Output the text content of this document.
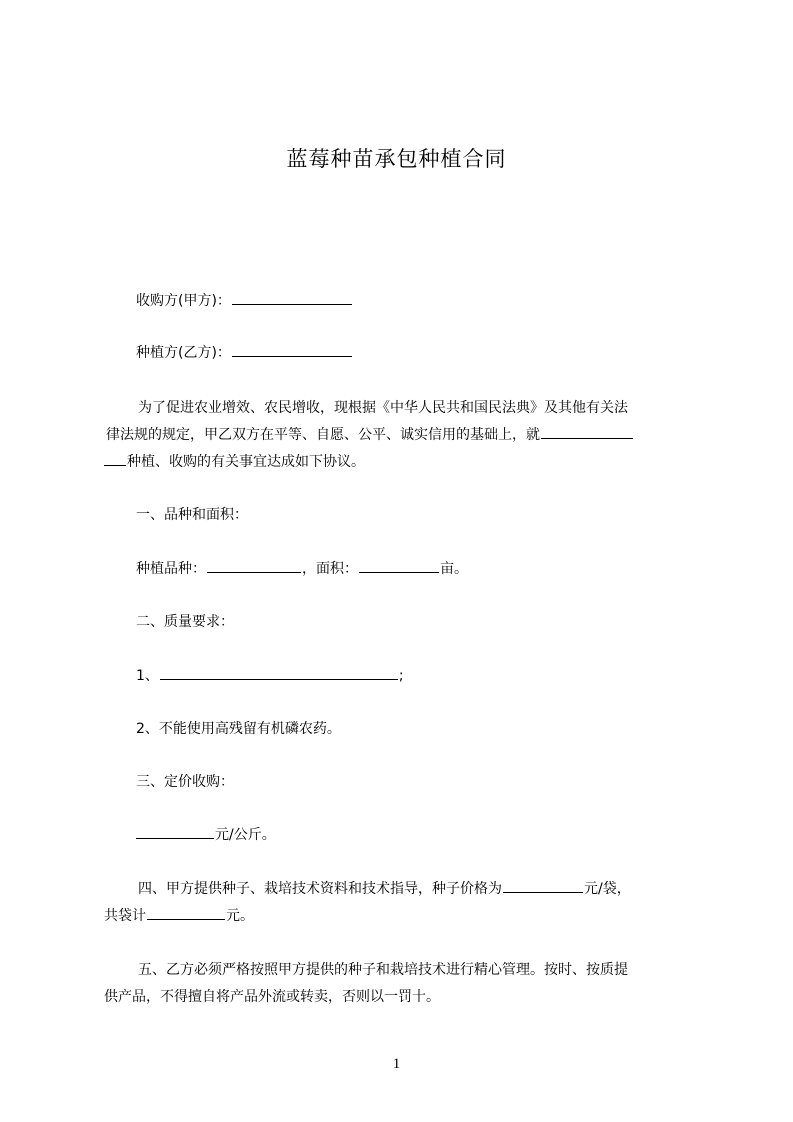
蓝莓种苗承包种植合同
收购方(甲方)：
种植方(乙方)：
为了促进农业增效、农民增收，现根据《中华人民共和国民法典》及其他有关法
律法规的规定，甲乙双方在平等、自愿、公平、诚实信用的基础上，就
种植、收购的有关事宜达成如下协议。
一、品种和面积：
种植品种：	，面积：	亩。
二、质量要求：
1、	;
2、不能使用高残留有机磷农药。
三、定价收购：
元/公斤。
四、甲方提供种子、栽培技术资料和技术指导，种子价格为	元/袋，
共袋计	元。
五、乙方必须严格按照甲方提供的种子和栽培技术进行精心管理。按时、按质提
供产品，不得擅自将产品外流或转卖，否则以一罚十。
1
